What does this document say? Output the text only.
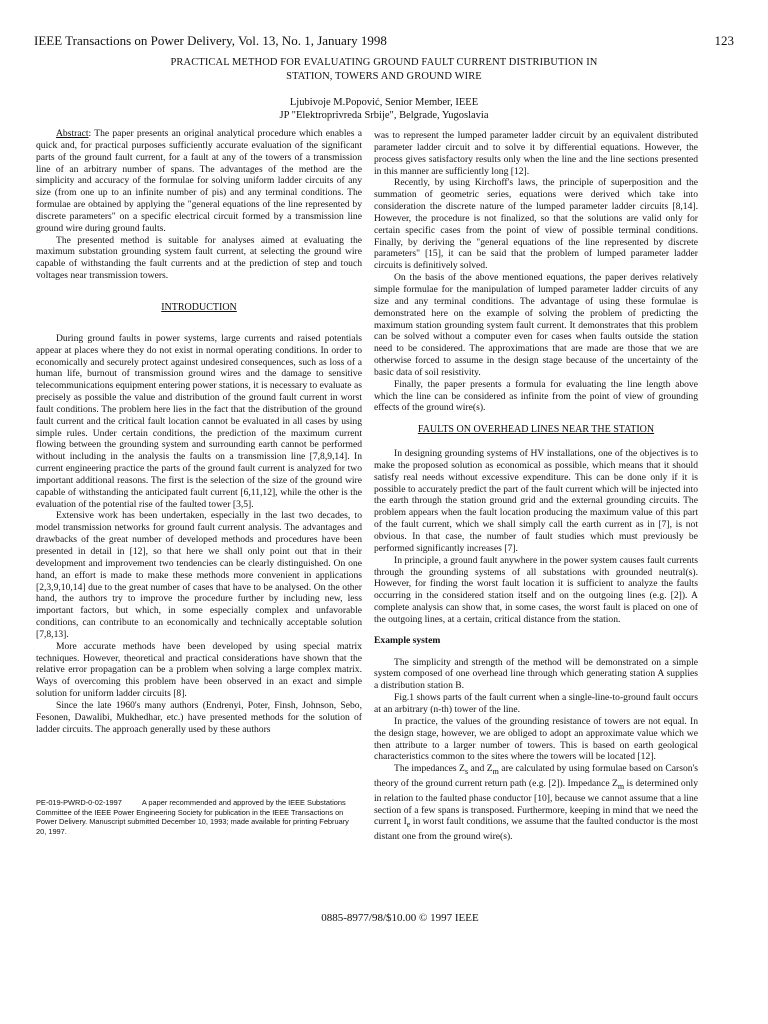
IEEE Transactions on Power Delivery, Vol. 13, No. 1, January 1998	123
PRACTICAL METHOD FOR EVALUATING GROUND FAULT CURRENT DISTRIBUTION IN
STATION, TOWERS AND GROUND WIRE
Ljubivoje M.Popović, Senior Member, IEEE
JP "Elektroprivreda Srbije", Belgrade, Yugoslavia

Abstract: The paper presents an original analytical procedure which enables a quick and, for practical purposes sufficiently accurate evaluation of the significant parts of the ground fault current, for a fault at any of the towers of a transmission line of an arbitrary number of spans. The advantages of the method are the simplicity and accuracy of the formulae for solving uniform ladder circuits of any size (from one up to an infinite number of pis) and any terminal conditions. The formulae are obtained by applying the "general equations of the line represented by discrete parameters" on a specific electrical circuit formed by a transmission line ground wire during ground faults.

The presented method is suitable for analyses aimed at evaluating the maximum substation grounding system fault current, at selecting the ground wire capable of withstanding the fault currents and at the prediction of step and touch voltages near transmission towers.

INTRODUCTION

During ground faults in power systems, large currents and raised potentials appear at places where they do not exist in normal operating conditions. In order to economically and securely protect against undesired consequences, such as loss of a human life, burnout of transmission ground wires and the damage to sensitive telecommunications equipment entering power stations, it is necessary to evaluate as precisely as possible the value and distribution of the ground fault current in worst fault conditions. The problem here lies in the fact that the distribution of the ground fault current and the critical fault location cannot be evaluated in all cases by using simple rules. Under certain conditions, the prediction of the maximum current flowing between the grounding system and surrounding earth cannot be performed without including in the analysis the faults on a transmission line [7,8,9,14]. In current engineering practice the parts of the ground fault current is analyzed for two important additional reasons. The first is the selection of the size of the ground wire capable of withstanding the anticipated fault current [6,11,12], while the other is the evaluation of the potential rise of the faulted tower [3,5].

Extensive work has been undertaken, especially in the last two decades, to model transmission networks for ground fault current analysis. The advantages and drawbacks of the great number of developed methods and procedures have been presented in detail in [12], so that here we shall only point out that in their development and improvement two tendencies can be clearly distinguished. On one hand, an effort is made to make these methods more convenient in applications [2,3,9,10,14] due to the great number of cases that have to be analysed. On the other hand, the authors try to improve the procedure further by including new, less important factors, but which, in some especially complex and unfavorable conditions, can contribute to an economically and technically acceptable solution [7,8,13].

More accurate methods have been developed by using special matrix techniques. However, theoretical and practical considerations have shown that the relative error propagation can be a problem when solving a large complex matrix. Ways of overcoming this problem have been observed in an exact and simple solution for uniform ladder circuits [8].

Since the late 1960's many authors (Endrenyi, Poter, Finsh, Johnson, Sebo, Fesonen, Dawalibi, Mukhedhar, etc.) have presented methods for the solution of ladder circuits. The approach generally used by these authors

PE-019-PWRD-0-02-1997	A paper recommended and approved by the IEEE Substations Committee of the IEEE Power Engineering Society for publication in the IEEE Transactions on Power Delivery. Manuscript submitted December 10, 1993; made available for printing February 20, 1997.

was to represent the lumped parameter ladder circuit by an equivalent distributed parameter ladder circuit and to solve it by differential equations. However, the process gives satisfactory results only when the line and the line sections presented in this manner are sufficiently long [12].

Recently, by using Kirchoff's laws, the principle of superposition and the summation of geometric series, equations were derived which take into consideration the discrete nature of the lumped parameter ladder circuits [8,14]. However, the procedure is not finalized, so that the solutions are valid only for certain specific cases from the point of view of possible terminal conditions. Finally, by deriving the "general equations of the line represented by discrete parameters" [15], it can be said that the problem of lumped parameter ladder circuits is definitively solved.

On the basis of the above mentioned equations, the paper derives relatively simple formulae for the manipulation of lumped parameter ladder circuits of any size and any terminal conditions. The advantage of using these formulae is demonstrated here on the example of solving the problem of predicting the maximum station grounding system fault current. It demonstrates that this problem can be solved without a computer even for cases when faults outside the station need to be considered. The approximations that are made are those that we are otherwise forced to assume in the design stage because of the uncertainty of the basic data of soil resistivity.

Finally, the paper presents a formula for evaluating the line length above which the line can be considered as infinite from the point of view of grounding effects of the ground wire(s).

FAULTS ON OVERHEAD LINES NEAR THE STATION

In designing grounding systems of HV installations, one of the objectives is to make the proposed solution as economical as possible, which means that it should satisfy real needs without excessive expenditure. This can be done only if it is possible to accurately predict the part of the fault current which will be injected into the earth through the station ground grid and the external grounding circuits. The problem appears when the fault location producing the maximum value of this part of the fault current, which we shall simply call the earth current as in [7], is not obvious. In that case, the number of fault studies which must previously be performed significantly increases [7].

In principle, a ground fault anywhere in the power system causes fault currents through the grounding systems of all substations with grounded neutral(s). However, for finding the worst fault location it is sufficient to analyze the faults occurring in the considered station itself and on the outgoing lines (e.g. [2]). A complete analysis can show that, in some cases, the worst fault is placed on one of the outgoing lines, at a certain, critical distance from the station.

Example system

The simplicity and strength of the method will be demonstrated on a simple system composed of one overhead line through which generating station A supplies a distribution station B.

Fig.1 shows parts of the fault current when a single-line-to-ground fault occurs at an arbitrary (n-th) tower of the line.

In practice, the values of the grounding resistance of towers are not equal. In the design stage, however, we are obliged to adopt an approximate value which we then attribute to a larger number of towers. This is based on earth geological characteristics common to the sites where the towers will be located [12].

The impedances $Z_s$ and $Z_m$ are calculated by using formulae based on Carson's theory of the ground current return path (e.g. [2]). Impedance $Z_m$ is determined only in relation to the faulted phase conductor [10], because we cannot assume that a line section of a few spans is transposed. Furthermore, keeping in mind that we need the current $I_e$ in worst fault conditions, we assume that the faulted conductor is the most distant one from the ground wire(s).

0885-8977/98/$10.00 © 1997 IEEE
